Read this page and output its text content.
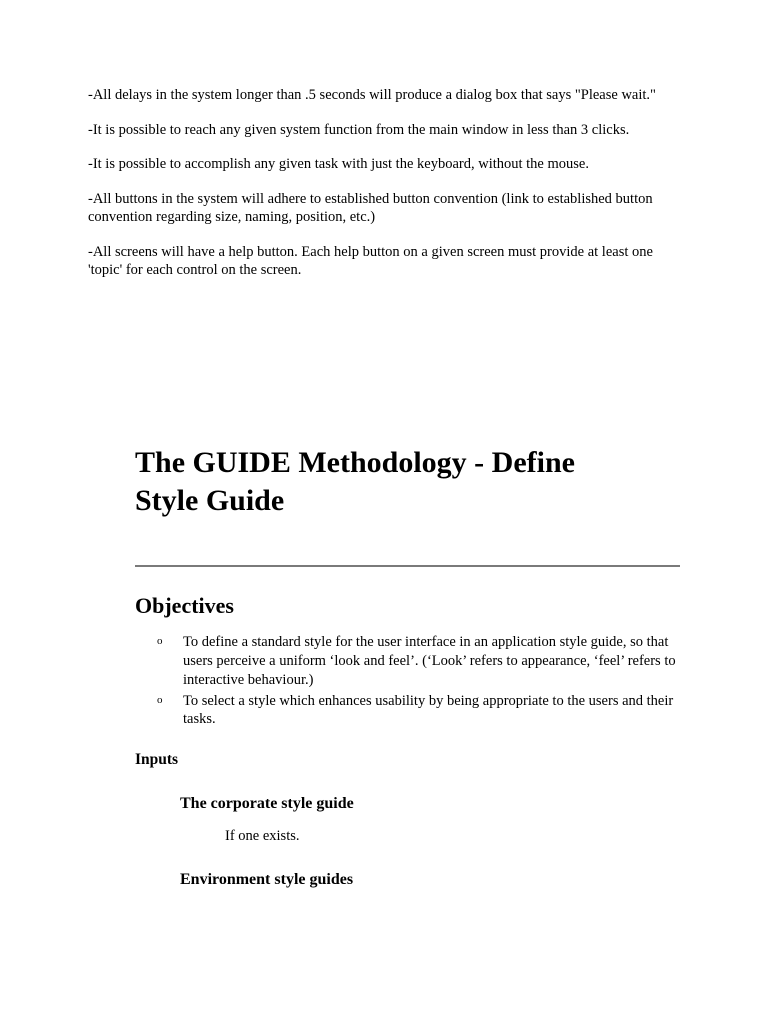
-All delays in the system longer than .5 seconds will produce a dialog box that says "Please wait."

-It is possible to reach any given system function from the main window in less than 3 clicks.

-It is possible to accomplish any given task with just the keyboard, without the mouse.

-All buttons in the system will adhere to established button convention (link to established button convention regarding size, naming, position, etc.)

-All screens will have a help button. Each help button on a given screen must provide at least one 'topic' for each control on the screen.

The GUIDE Methodology - Define Style Guide
Objectives
o To define a standard style for the user interface in an application style guide, so that users perceive a uniform ‘look and feel’. (‘Look’ refers to appearance, ‘feel’ refers to interactive behaviour.)
o To select a style which enhances usability by being appropriate to the users and their tasks.
Inputs
The corporate style guide

If one exists.

Environment style guides
